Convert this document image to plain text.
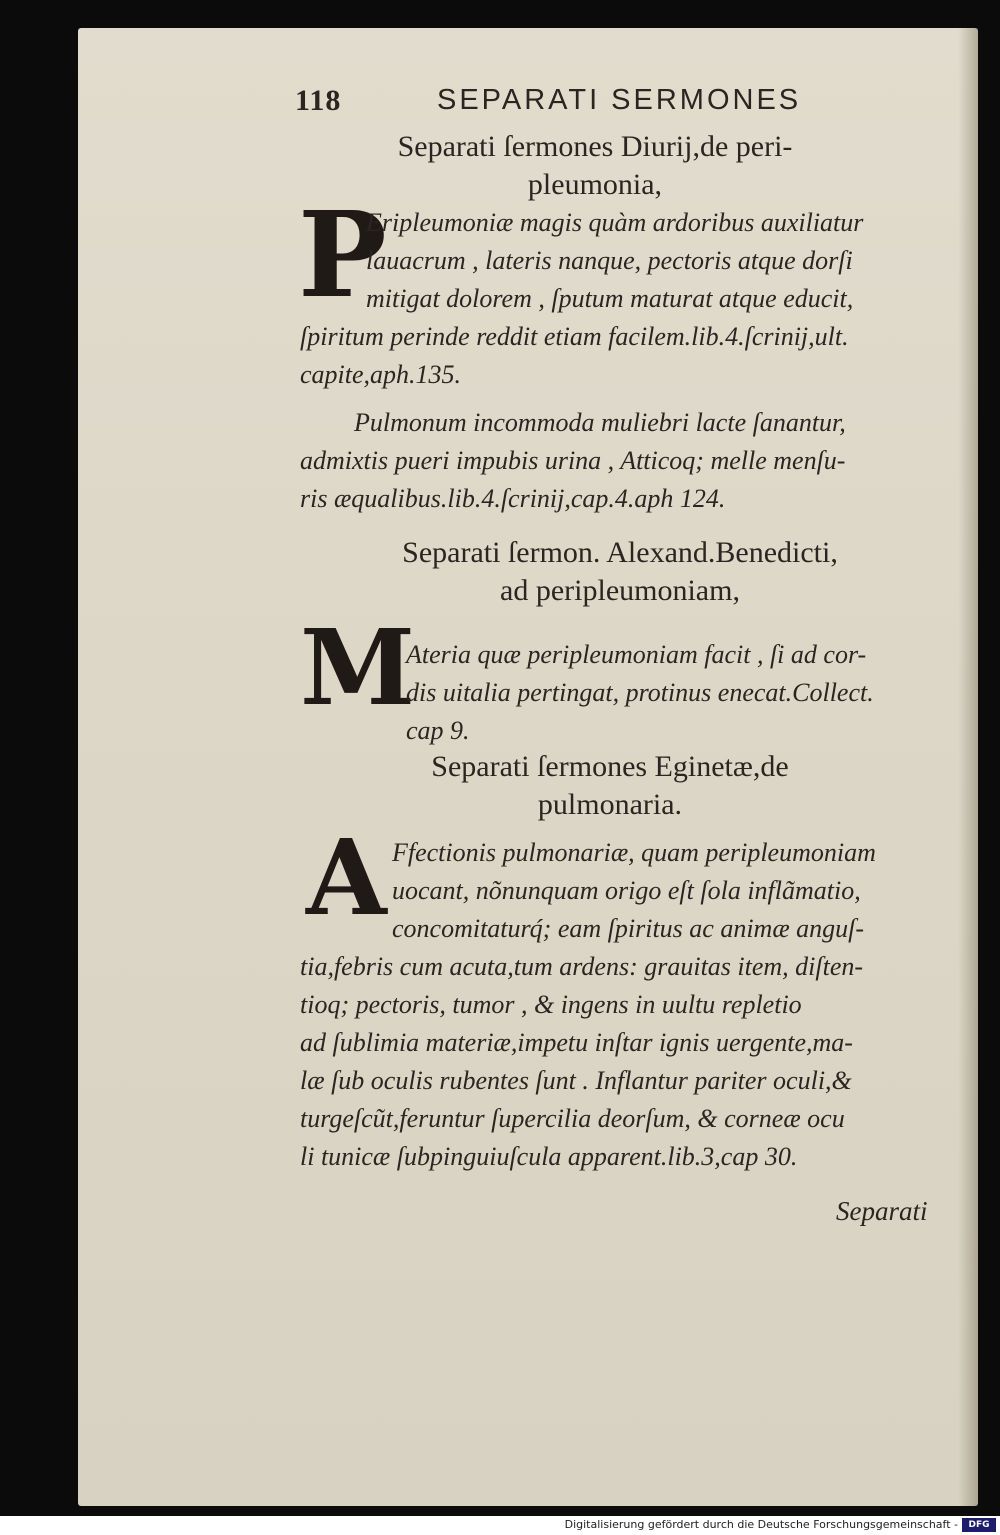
118	SEPARATI SERMONES
Separati ſermones Diurij,de peri-
pleumonia,
P
Eripleumoniæ magis quàm ardoribus auxiliatur
lauacrum , lateris nanque, pectoris atque dorſi
mitigat dolorem , ſputum maturat atque educit,
ſpiritum perinde reddit etiam facilem.lib.4.ſcrinij,ult.
capite,aph.135.
Pulmonum incommoda muliebri lacte ſanantur,
admixtis pueri impubis urina , Atticoq; melle menſu-
ris æqualibus.lib.4.ſcrinij,cap.4.aph 124.
Separati ſermon. Alexand.Benedicti,
ad peripleumoniam,
M
Ateria quæ peripleumoniam facit , ſi ad cor-
dis uitalia pertingat, protinus enecat.Collect.
cap 9.
Separati ſermones Eginetæ,de
pulmonaria.
A Ffectionis pulmonariæ, quam peripleumoniam
uocant, nõnunquam origo eſt ſola inflãmatio,
concomitaturq́; eam ſpiritus ac animæ anguſ-
tia,febris cum acuta,tum ardens: grauitas item, diſten-
tioq; pectoris, tumor , & ingens in uultu repletio
ad ſublimia materiæ,impetu inſtar ignis uergente,ma-
læ ſub oculis rubentes ſunt . Inflantur pariter oculi,&
turgeſcũt,feruntur ſupercilia deorſum, & corneæ ocu
li tunicæ ſubpinguiuſcula apparent.lib.3,cap 30.
Separati
Digitalisierung gefördert durch die Deutsche Forschungsgemeinschaft -	DFG
